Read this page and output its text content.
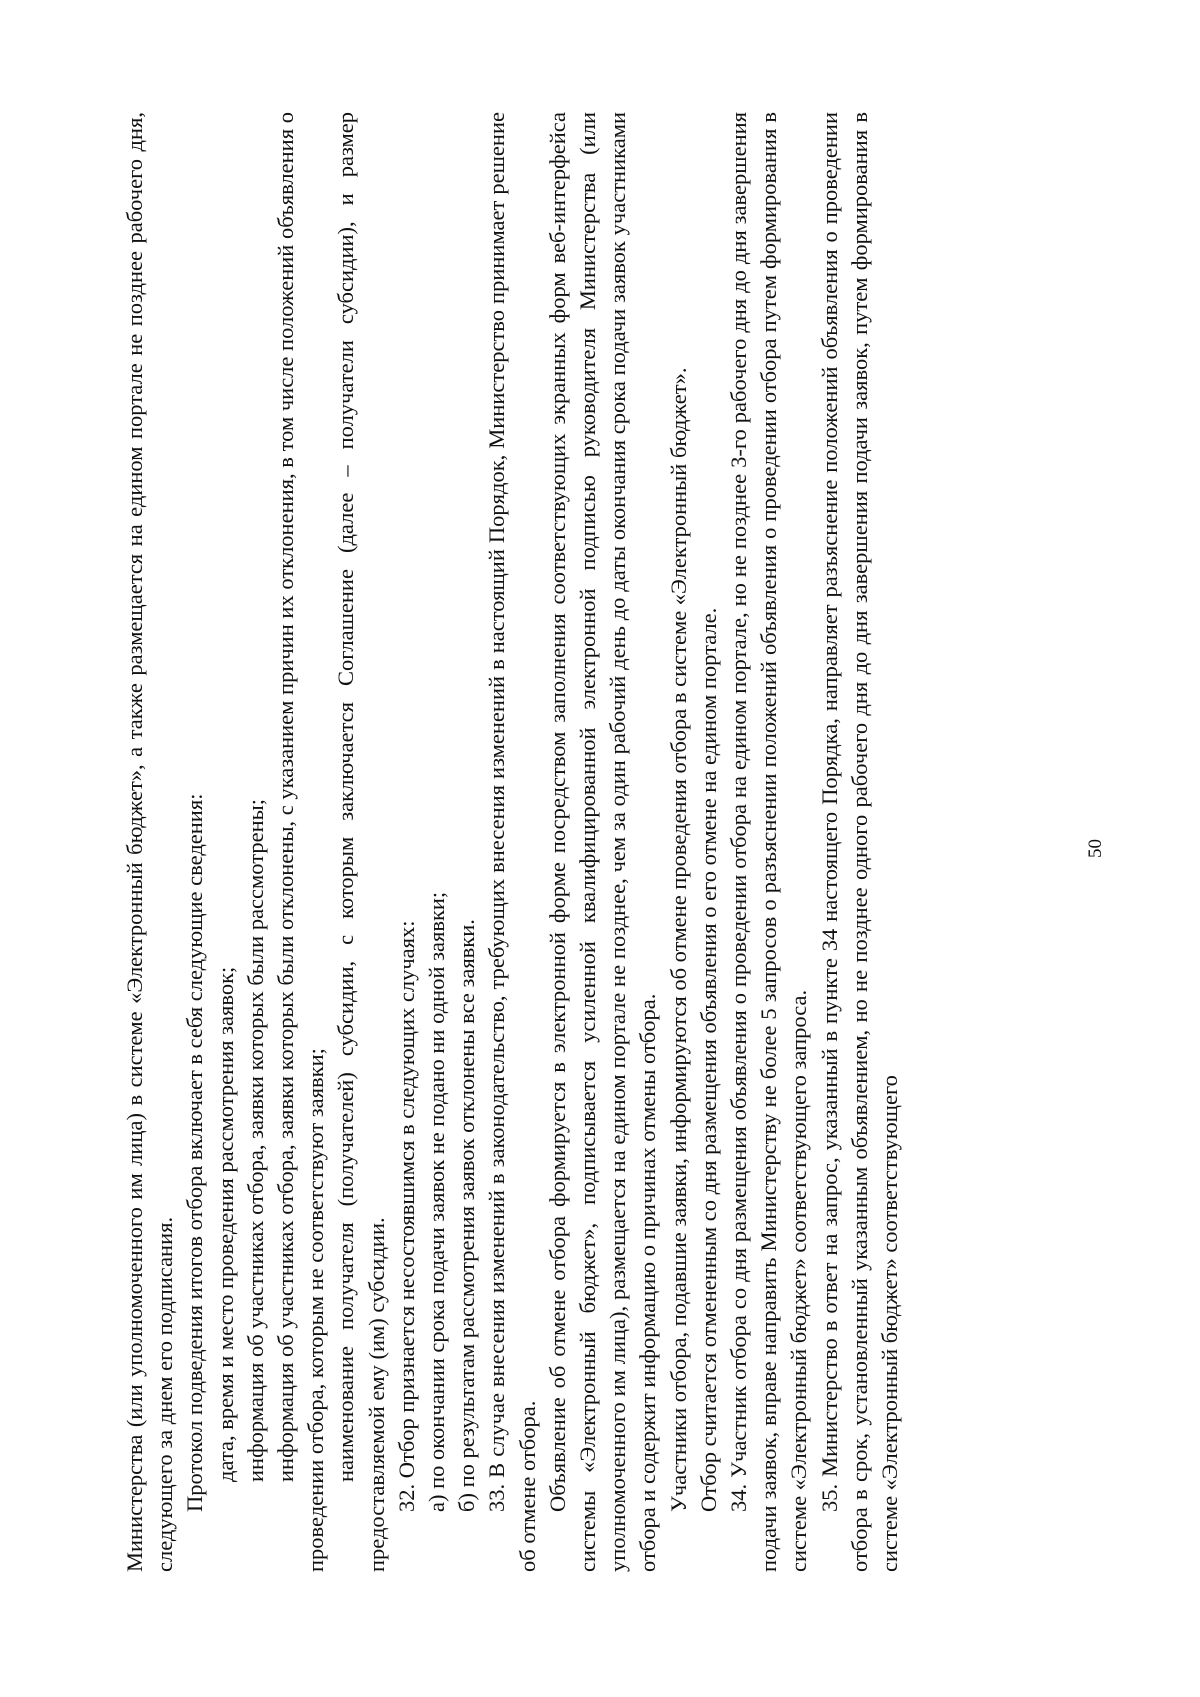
50

Министерства (или уполномоченного им лица) в системе «Электронный бюджет», а также размещается на едином портале не позднее рабочего дня, следующего за днем его подписания. Протокол подведения итогов отбора включает в себя следующие сведения: дата, время и место проведения рассмотрения заявок; информация об участниках отбора, заявки которых были рассмотрены; информация об участниках отбора, заявки которых были отклонены, с указанием причин их отклонения, в том числе положений объявления о проведении отбора, которым не соответствуют заявки; наименование получателя (получателей) субсидии, с которым заключается Соглашение (далее – получатели субсидии), и размер предоставляемой ему (им) субсидии. 32. Отбор признается несостоявшимся в следующих случаях: а) по окончании срока подачи заявок не подано ни одной заявки; б) по результатам рассмотрения заявок отклонены все заявки. 33. В случае внесения изменений в законодательство, требующих внесения изменений в настоящий Порядок, Министерство принимает решение об отмене отбора. Объявление об отмене отбора формируется в электронной форме посредством заполнения соответствующих экранных форм веб-интерфейса системы «Электронный бюджет», подписывается усиленной квалифицированной электронной подписью руководителя Министерства (или уполномоченного им лица), размещается на едином портале не позднее, чем за один рабочий день до даты окончания срока подачи заявок участниками отбора и содержит информацию о причинах отмены отбора. Участники отбора, подавшие заявки, информируются об отмене проведения отбора в системе «Электронный бюджет». Отбор считается отмененным со дня размещения объявления о его отмене на едином портале. 34. Участник отбора со дня размещения объявления о проведении отбора на едином портале, но не позднее 3-го рабочего дня до дня завершения подачи заявок, вправе направить Министерству не более 5 запросов о разъяснении положений объявления о проведении отбора путем формирования в системе «Электронный бюджет» соответствующего запроса. 35. Министерство в ответ на запрос, указанный в пункте 34 настоящего Порядка, направляет разъяснение положений объявления о проведении отбора в срок, установленный указанным объявлением, но не позднее одного рабочего дня до дня завершения подачи заявок, путем формирования в системе «Электронный бюджет» соответствующего
